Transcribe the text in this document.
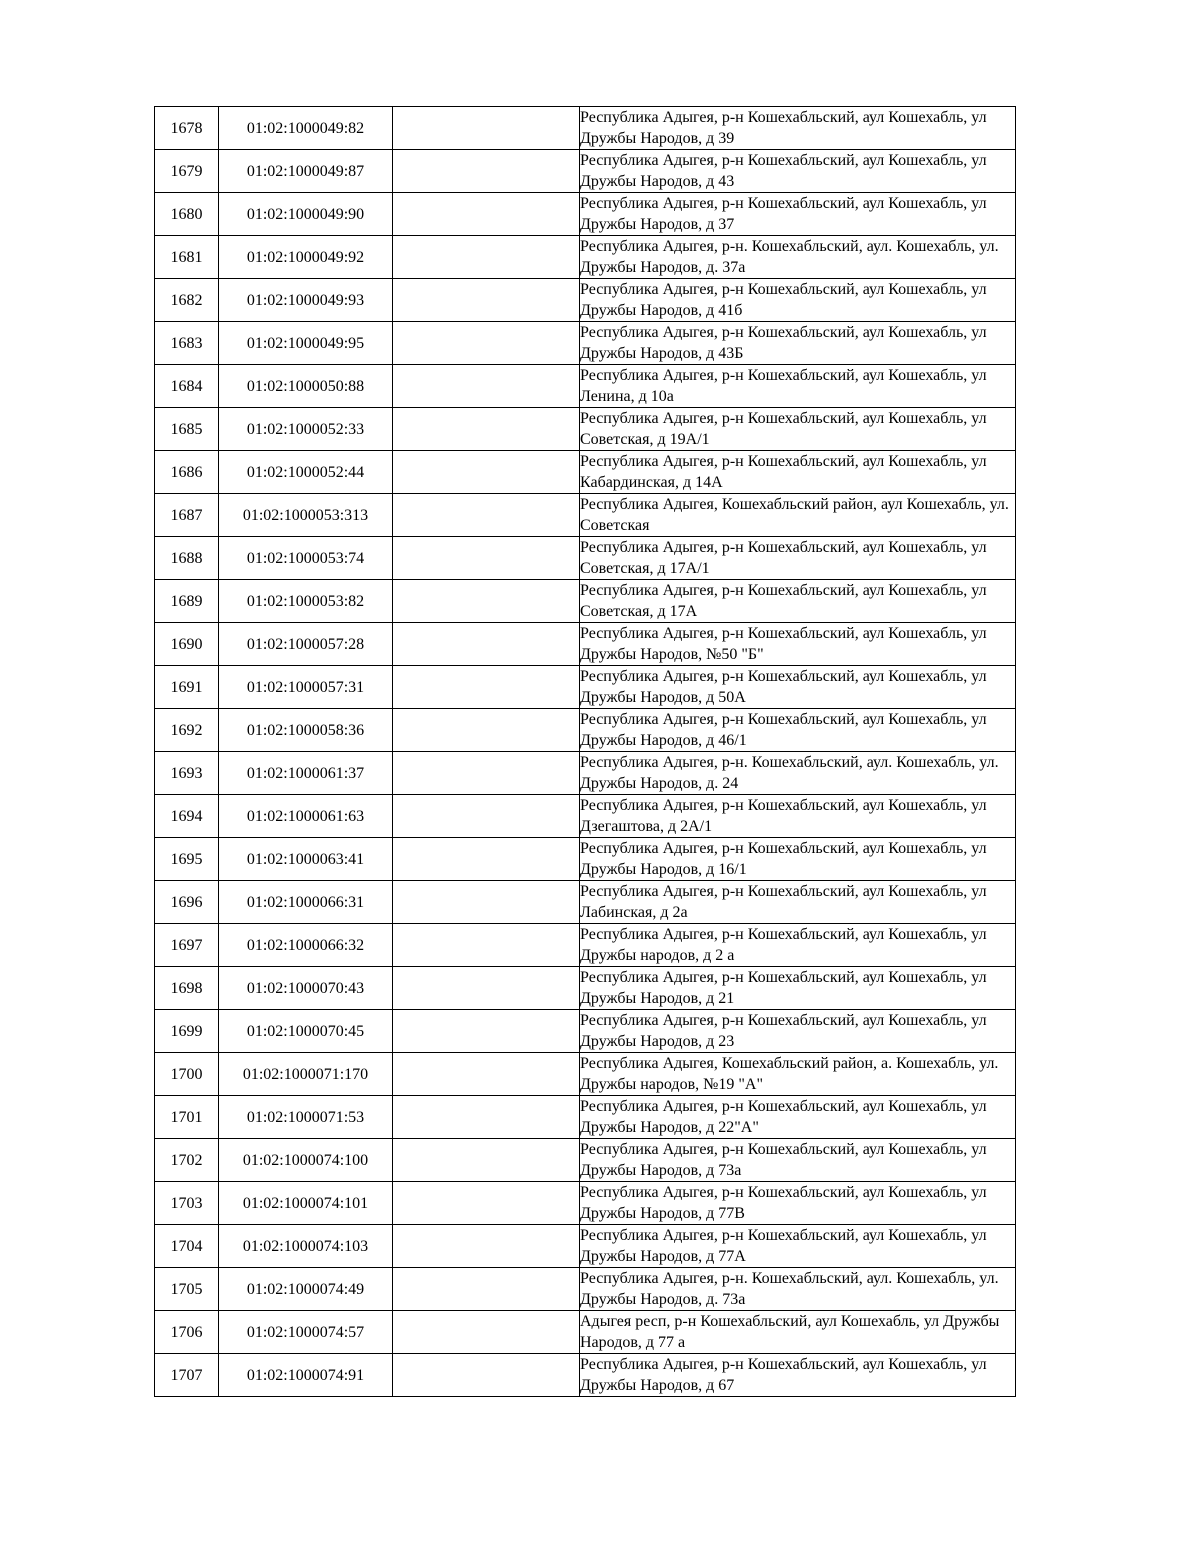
1678	01:02:1000049:82		Республика Адыгея, р-н Кошехабльский, аул Кошехабль, ул Дружбы Народов, д 39
1679	01:02:1000049:87		Республика Адыгея, р-н Кошехабльский, аул Кошехабль, ул Дружбы Народов, д 43
1680	01:02:1000049:90		Республика Адыгея, р-н Кошехабльский, аул Кошехабль, ул Дружбы Народов, д 37
1681	01:02:1000049:92		Республика Адыгея, р-н. Кошехабльский, аул. Кошехабль, ул. Дружбы Народов, д. 37а
1682	01:02:1000049:93		Республика Адыгея, р-н Кошехабльский, аул Кошехабль, ул Дружбы Народов, д 41б
1683	01:02:1000049:95		Республика Адыгея, р-н Кошехабльский, аул Кошехабль, ул Дружбы Народов, д 43Б
1684	01:02:1000050:88		Республика Адыгея, р-н Кошехабльский, аул Кошехабль, ул Ленина, д 10а
1685	01:02:1000052:33		Республика Адыгея, р-н Кошехабльский, аул Кошехабль, ул Советская, д 19А/1
1686	01:02:1000052:44		Республика Адыгея, р-н Кошехабльский, аул Кошехабль, ул Кабардинская, д 14А
1687	01:02:1000053:313		Республика Адыгея, Кошехабльский район, аул Кошехабль, ул. Советская
1688	01:02:1000053:74		Республика Адыгея, р-н Кошехабльский, аул Кошехабль, ул Советская, д 17А/1
1689	01:02:1000053:82		Республика Адыгея, р-н Кошехабльский, аул Кошехабль, ул Советская, д 17А
1690	01:02:1000057:28		Республика Адыгея, р-н Кошехабльский, аул Кошехабль, ул Дружбы Народов, №50 "Б"
1691	01:02:1000057:31		Республика Адыгея, р-н Кошехабльский, аул Кошехабль, ул Дружбы Народов, д 50А
1692	01:02:1000058:36		Республика Адыгея, р-н Кошехабльский, аул Кошехабль, ул Дружбы Народов, д 46/1
1693	01:02:1000061:37		Республика Адыгея, р-н. Кошехабльский, аул. Кошехабль, ул. Дружбы Народов, д. 24
1694	01:02:1000061:63		Республика Адыгея, р-н Кошехабльский, аул Кошехабль, ул Дзегаштова, д 2А/1
1695	01:02:1000063:41		Республика Адыгея, р-н Кошехабльский, аул Кошехабль, ул Дружбы Народов, д 16/1
1696	01:02:1000066:31		Республика Адыгея, р-н Кошехабльский, аул Кошехабль, ул Лабинская, д 2а
1697	01:02:1000066:32		Республика Адыгея, р-н Кошехабльский, аул Кошехабль, ул Дружбы народов, д 2 а
1698	01:02:1000070:43		Республика Адыгея, р-н Кошехабльский, аул Кошехабль, ул Дружбы Народов, д 21
1699	01:02:1000070:45		Республика Адыгея, р-н Кошехабльский, аул Кошехабль, ул Дружбы Народов, д 23
1700	01:02:1000071:170		Республика Адыгея, Кошехабльский район, а. Кошехабль, ул. Дружбы народов, №19 "А"
1701	01:02:1000071:53		Республика Адыгея, р-н Кошехабльский, аул Кошехабль, ул Дружбы Народов, д 22"А"
1702	01:02:1000074:100		Республика Адыгея, р-н Кошехабльский, аул Кошехабль, ул Дружбы Народов, д 73а
1703	01:02:1000074:101		Республика Адыгея, р-н Кошехабльский, аул Кошехабль, ул Дружбы Народов, д 77В
1704	01:02:1000074:103		Республика Адыгея, р-н Кошехабльский, аул Кошехабль, ул Дружбы Народов, д 77А
1705	01:02:1000074:49		Республика Адыгея, р-н. Кошехабльский, аул. Кошехабль, ул. Дружбы Народов, д. 73а
1706	01:02:1000074:57		Адыгея респ, р-н Кошехабльский, аул Кошехабль, ул Дружбы Народов, д 77 а
1707	01:02:1000074:91		Республика Адыгея, р-н Кошехабльский, аул Кошехабль, ул Дружбы Народов, д 67
